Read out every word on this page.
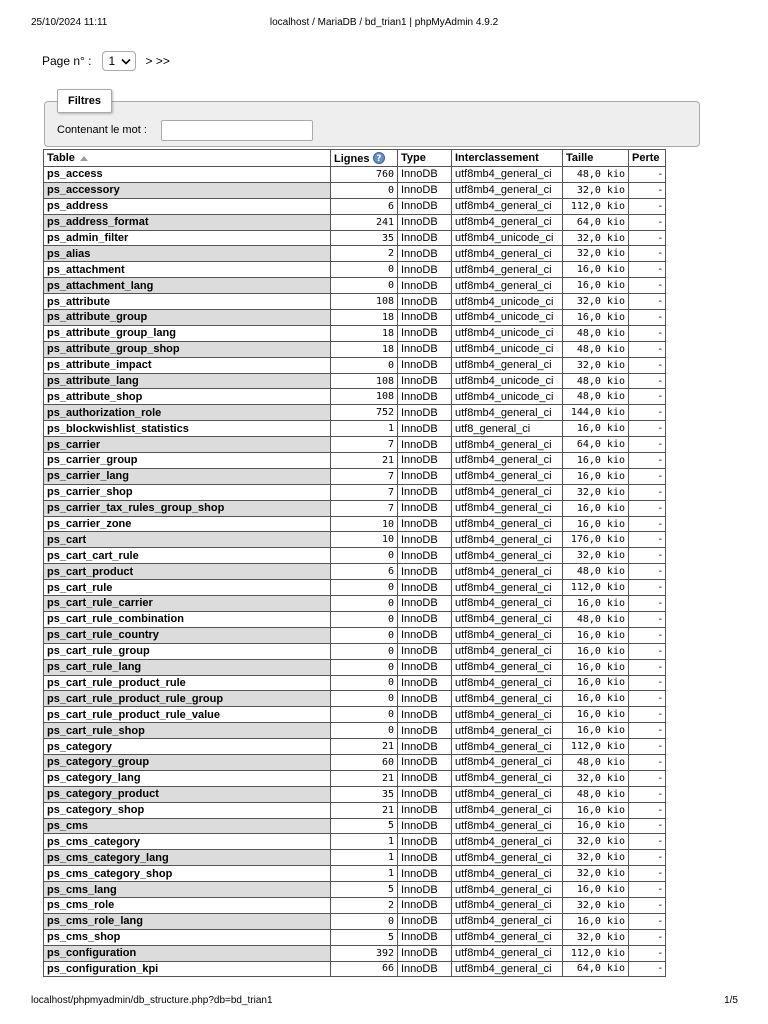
25/10/2024 11:11	localhost / MariaDB / bd_trian1 | phpMyAdmin 4.9.2
Page n° : 1	> >>
Filtres
Contenant le mot :
Table	Lignes ?	Type	Interclassement	Taille	Perte
ps_access	760	InnoDB	utf8mb4_general_ci	48,0 kio	-
ps_accessory	0	InnoDB	utf8mb4_general_ci	32,0 kio	-
ps_address	6	InnoDB	utf8mb4_general_ci	112,0 kio	-
ps_address_format	241	InnoDB	utf8mb4_general_ci	64,0 kio	-
ps_admin_filter	35	InnoDB	utf8mb4_unicode_ci	32,0 kio	-
ps_alias	2	InnoDB	utf8mb4_general_ci	32,0 kio	-
ps_attachment	0	InnoDB	utf8mb4_general_ci	16,0 kio	-
ps_attachment_lang	0	InnoDB	utf8mb4_general_ci	16,0 kio	-
ps_attribute	108	InnoDB	utf8mb4_unicode_ci	32,0 kio	-
ps_attribute_group	18	InnoDB	utf8mb4_unicode_ci	16,0 kio	-
ps_attribute_group_lang	18	InnoDB	utf8mb4_unicode_ci	48,0 kio	-
ps_attribute_group_shop	18	InnoDB	utf8mb4_unicode_ci	48,0 kio	-
ps_attribute_impact	0	InnoDB	utf8mb4_general_ci	32,0 kio	-
ps_attribute_lang	108	InnoDB	utf8mb4_unicode_ci	48,0 kio	-
ps_attribute_shop	108	InnoDB	utf8mb4_unicode_ci	48,0 kio	-
ps_authorization_role	752	InnoDB	utf8mb4_general_ci	144,0 kio	-
ps_blockwishlist_statistics	1	InnoDB	utf8_general_ci	16,0 kio	-
ps_carrier	7	InnoDB	utf8mb4_general_ci	64,0 kio	-
ps_carrier_group	21	InnoDB	utf8mb4_general_ci	16,0 kio	-
ps_carrier_lang	7	InnoDB	utf8mb4_general_ci	16,0 kio	-
ps_carrier_shop	7	InnoDB	utf8mb4_general_ci	32,0 kio	-
ps_carrier_tax_rules_group_shop	7	InnoDB	utf8mb4_general_ci	16,0 kio	-
ps_carrier_zone	10	InnoDB	utf8mb4_general_ci	16,0 kio	-
ps_cart	10	InnoDB	utf8mb4_general_ci	176,0 kio	-
ps_cart_cart_rule	0	InnoDB	utf8mb4_general_ci	32,0 kio	-
ps_cart_product	6	InnoDB	utf8mb4_general_ci	48,0 kio	-
ps_cart_rule	0	InnoDB	utf8mb4_general_ci	112,0 kio	-
ps_cart_rule_carrier	0	InnoDB	utf8mb4_general_ci	16,0 kio	-
ps_cart_rule_combination	0	InnoDB	utf8mb4_general_ci	48,0 kio	-
ps_cart_rule_country	0	InnoDB	utf8mb4_general_ci	16,0 kio	-
ps_cart_rule_group	0	InnoDB	utf8mb4_general_ci	16,0 kio	-
ps_cart_rule_lang	0	InnoDB	utf8mb4_general_ci	16,0 kio	-
ps_cart_rule_product_rule	0	InnoDB	utf8mb4_general_ci	16,0 kio	-
ps_cart_rule_product_rule_group	0	InnoDB	utf8mb4_general_ci	16,0 kio	-
ps_cart_rule_product_rule_value	0	InnoDB	utf8mb4_general_ci	16,0 kio	-
ps_cart_rule_shop	0	InnoDB	utf8mb4_general_ci	16,0 kio	-
ps_category	21	InnoDB	utf8mb4_general_ci	112,0 kio	-
ps_category_group	60	InnoDB	utf8mb4_general_ci	48,0 kio	-
ps_category_lang	21	InnoDB	utf8mb4_general_ci	32,0 kio	-
ps_category_product	35	InnoDB	utf8mb4_general_ci	48,0 kio	-
ps_category_shop	21	InnoDB	utf8mb4_general_ci	16,0 kio	-
ps_cms	5	InnoDB	utf8mb4_general_ci	16,0 kio	-
ps_cms_category	1	InnoDB	utf8mb4_general_ci	32,0 kio	-
ps_cms_category_lang	1	InnoDB	utf8mb4_general_ci	32,0 kio	-
ps_cms_category_shop	1	InnoDB	utf8mb4_general_ci	32,0 kio	-
ps_cms_lang	5	InnoDB	utf8mb4_general_ci	16,0 kio	-
ps_cms_role	2	InnoDB	utf8mb4_general_ci	32,0 kio	-
ps_cms_role_lang	0	InnoDB	utf8mb4_general_ci	16,0 kio	-
ps_cms_shop	5	InnoDB	utf8mb4_general_ci	32,0 kio	-
ps_configuration	392	InnoDB	utf8mb4_general_ci	112,0 kio	-
ps_configuration_kpi	66	InnoDB	utf8mb4_general_ci	64,0 kio	-
localhost/phpmyadmin/db_structure.php?db=bd_trian1	1/5
